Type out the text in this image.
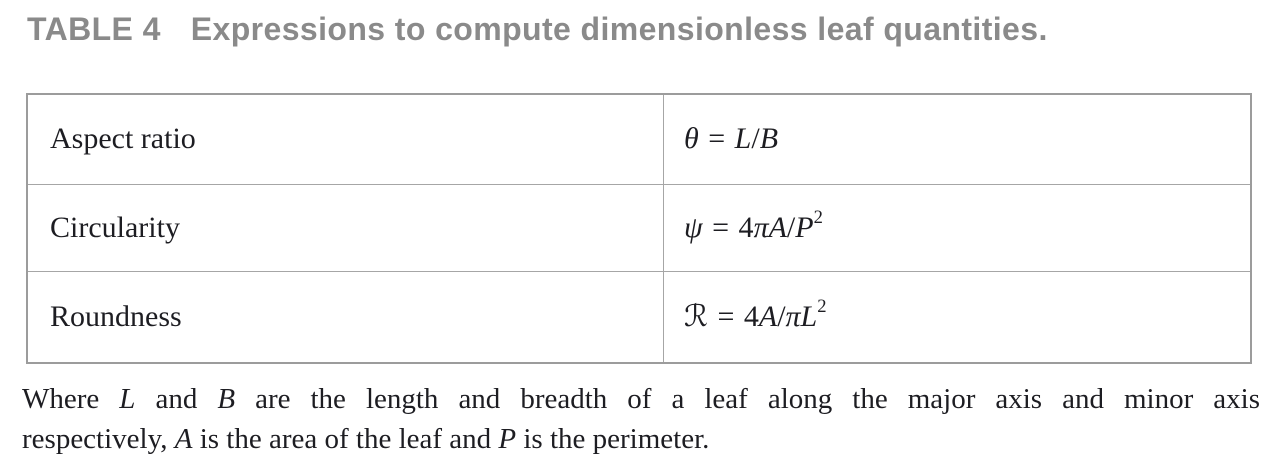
TABLE 4 Expressions to compute dimensionless leaf quantities.
Aspect ratio	θ = L/B
Circularity	$\psi = 4\pi A/P^2$
Roundness	ℛ = $4A/\pi L^2$
Where L and B are the length and breadth of a leaf along the major axis and minor axis
respectively, A is the area of the leaf and P is the perimeter.
